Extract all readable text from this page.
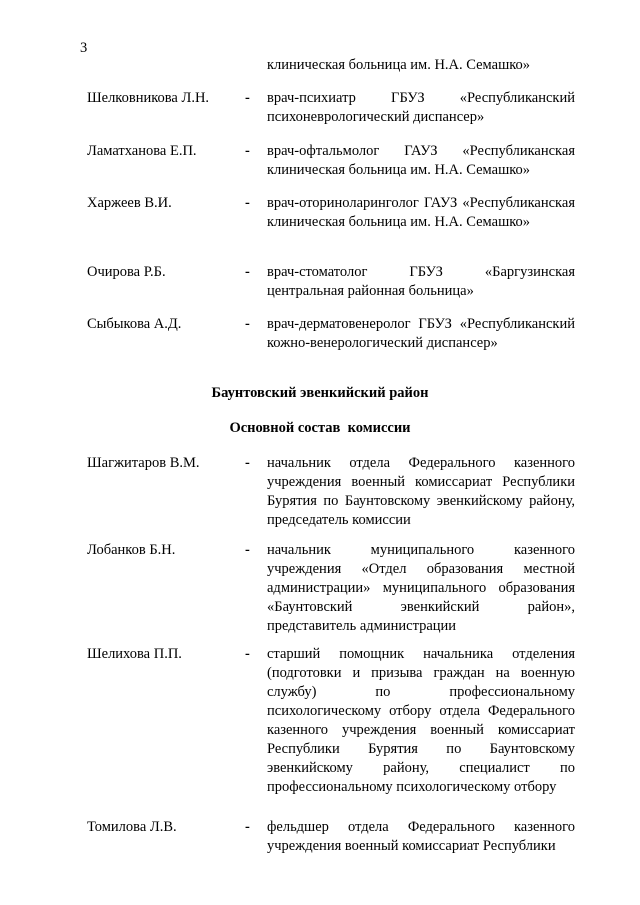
3
клиническая больница им. Н.А. Семашко»
Шелковникова Л.Н. - врач-психиатр ГБУЗ «Республиканский психоневрологический диспансер»
Ламатханова Е.П.	- врач-офтальмолог ГАУЗ «Республиканская клиническая больница им. Н.А. Семашко»
Харжеев В.И.	- врач-оториноларинголог ГАУЗ «Республиканская клиническая больница им. Н.А. Семашко»
Очирова Р.Б.	- врач-стоматолог ГБУЗ «Баргузинская центральная районная больница»
Сыбыкова А.Д.	- врач-дерматовенеролог ГБУЗ «Республиканский кожно-венерологический диспансер»
Баунтовский эвенкийский район
Основной состав  комиссии
Шагжитаров В.М.	- начальник отдела Федерального казенного учреждения военный комиссариат Республики Бурятия по Баунтовскому эвенкийскому району, председатель комиссии
Лобанков Б.Н.	- начальник муниципального казенного учреждения «Отдел образования местной администрации» муниципального образования «Баунтовский эвенкийский район», представитель администрации
Шелихова П.П.	- старший помощник начальника отделения (подготовки и призыва граждан на военную службу) по профессиональному психологическому отбору отдела Федерального казенного учреждения военный комиссариат Республики Бурятия по Баунтовскому эвенкийскому району, специалист по профессиональному психологическому отбору
Томилова Л.В.	- фельдшер отдела Федерального казенного учреждения военный комиссариат Республики
